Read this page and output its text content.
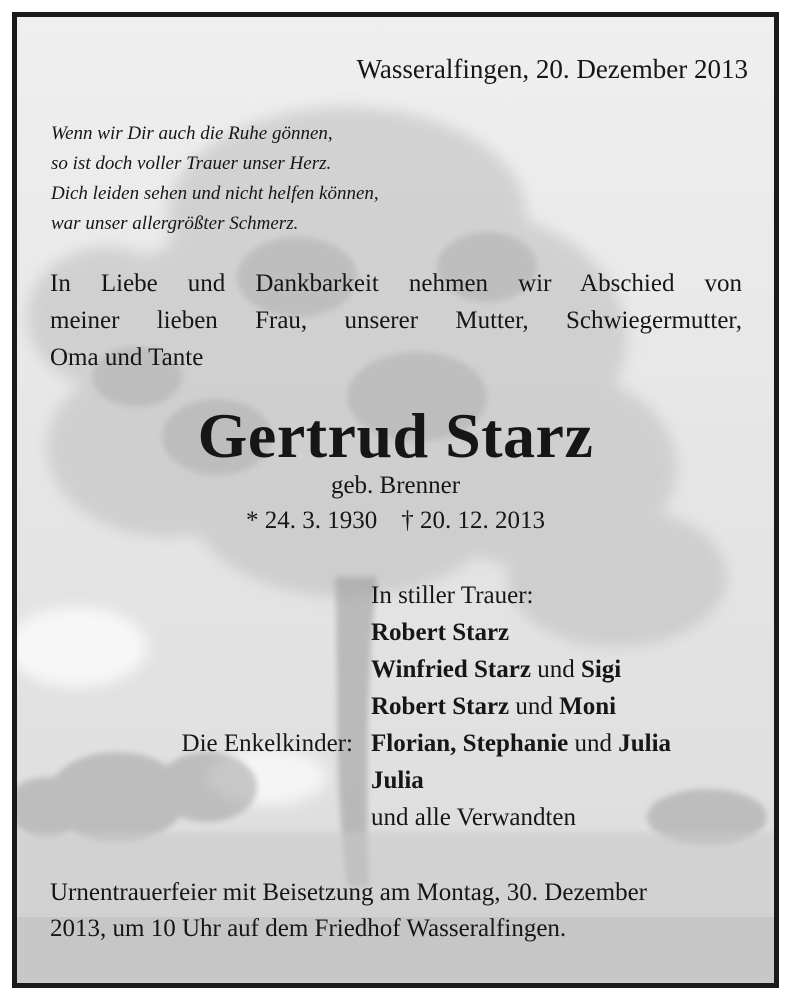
Wasseralfingen, 20. Dezember 2013

Wenn wir Dir auch die Ruhe gönnen,
so ist doch voller Trauer unser Herz.
Dich leiden sehen und nicht helfen können,
war unser allergrößter Schmerz.
In Liebe und Dankbarkeit nehmen wir Abschied von
meiner lieben Frau, unserer Mutter, Schwiegermutter,
Oma und Tante

Gertrud Starz

geb. Brenner

* 24. 3. 1930 † 20. 12. 2013

In stiller Trauer:
Robert Starz
Winfried Starz und Sigi
Robert Starz und Moni
Die Enkelkinder: Florian, Stephanie und Julia
Julia
und alle Verwandten
Urnentrauerfeier mit Beisetzung am Montag, 30. Dezember
2013, um 10 Uhr auf dem Friedhof Wasseralfingen.
